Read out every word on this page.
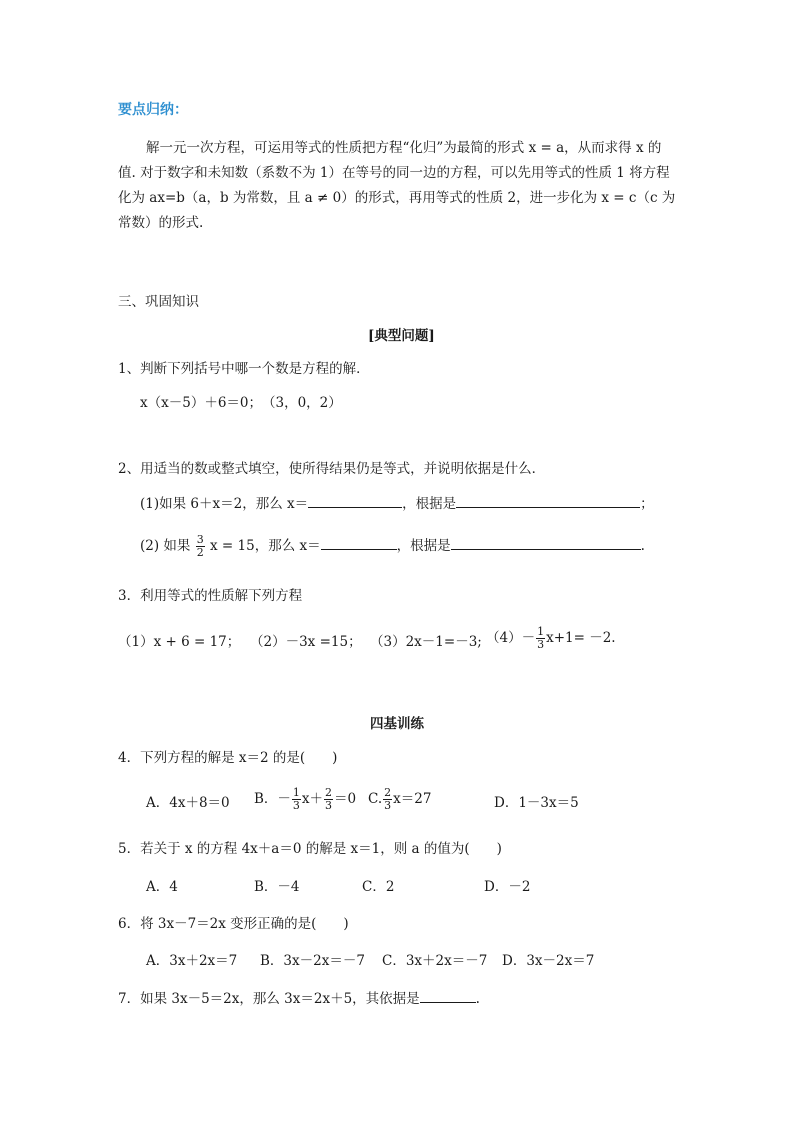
要点归纳：
解一元一次方程，可运用等式的性质把方程“化归”为最简的形式 x = a，从而求得 x 的值. 对于数字和未知数（系数不为 1）在等号的同一边的方程，可以先用等式的性质 1 将方程化为 ax=b（a，b 为常数，且 a ≠ 0）的形式，再用等式的性质 2，进一步化为 x = c（c 为常数）的形式.
三、巩固知识
[典型问题]
1、判断下列括号中哪一个数是方程的解．
x（x－5）＋6＝0；　（3，0，2）
2、用适当的数或整式填空，使所得结果仍是等式，并说明依据是什么．
(1)如果 6＋x＝2，那么 x＝	，根据是	；
(2) 如果 $\frac{3}{2}$ x = 15，那么 x＝	，根据是	.
3．利用等式的性质解下列方程
（1）x + 6 = 17； （2）－3x =15； （3）2x－1=－3; $(4)- \frac{1}{3} x+1= -2$.
四基训练
4．下列方程的解是 x＝2 的是(　　)
A．4x＋8＝0 B．－ $\frac{1}{3} x+ \frac{2}{3} =0$ C. $\frac{2}{3} x=27$	D．1－3x＝5
5．若关于 x 的方程 4x＋a＝0 的解是 x＝1，则 a 的值为(　　)
A．4	B．－4	C．2	D．－2
6．将 3x－7＝2x 变形正确的是(　　)
A．3x＋2x＝7 B．3x－2x＝－7 C．3x＋2x＝－7 D．3x－2x＝7
7．如果 3x－5＝2x，那么 3x＝2x＋5，其依据是	.
